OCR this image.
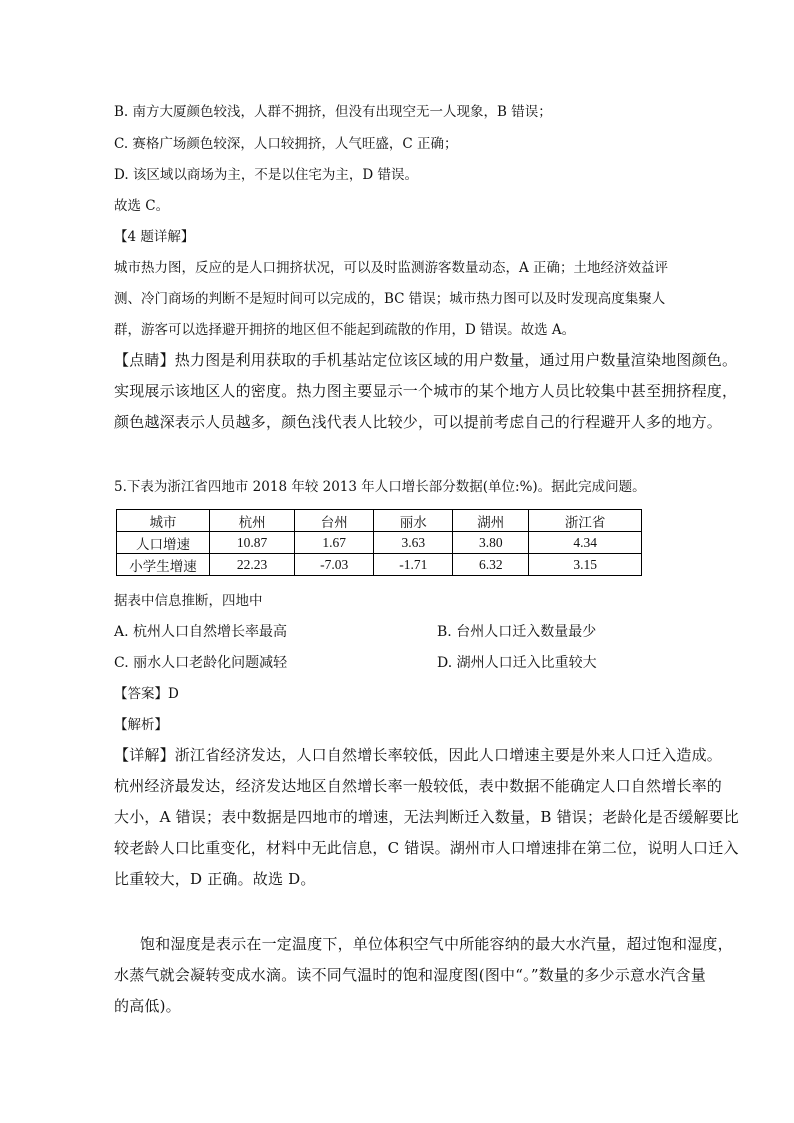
B. 南方大厦颜色较浅，人群不拥挤，但没有出现空无一人现象，B 错误；
C. 赛格广场颜色较深，人口较拥挤，人气旺盛，C 正确；
D. 该区域以商场为主，不是以住宅为主，D 错误。
故选 C。
【4 题详解】
城市热力图，反应的是人口拥挤状况，可以及时监测游客数量动态，A 正确；土地经济效益评
测、冷门商场的判断不是短时间可以完成的，BC 错误；城市热力图可以及时发现高度集聚人
群，游客可以选择避开拥挤的地区但不能起到疏散的作用，D 错误。故选 A。
【点睛】热力图是利用获取的手机基站定位该区域的用户数量，通过用户数量渲染地图颜色。
实现展示该地区人的密度。热力图主要显示一个城市的某个地方人员比较集中甚至拥挤程度，
颜色越深表示人员越多，颜色浅代表人比较少，可以提前考虑自己的行程避开人多的地方。
5.下表为浙江省四地市 2018 年较 2013 年人口增长部分数据(单位:%)。据此完成问题。
城市	杭州	台州	丽水	湖州	浙江省
人口增速	10.87	1.67	3.63	3.80	4.34
小学生增速	22.23	-7.03	-1.71	6.32	3.15
据表中信息推断，四地中
A. 杭州人口自然增长率最高	B. 台州人口迁入数量最少
C. 丽水人口老龄化问题减轻	D. 湖州人口迁入比重较大
【答案】D
【解析】
【详解】浙江省经济发达，人口自然增长率较低，因此人口增速主要是外来人口迁入造成。
杭州经济最发达，经济发达地区自然增长率一般较低，表中数据不能确定人口自然增长率的
大小，A 错误；表中数据是四地市的增速，无法判断迁入数量，B 错误；老龄化是否缓解要比
较老龄人口比重变化，材料中无此信息，C 错误。湖州市人口增速排在第二位，说明人口迁入
比重较大，D 正确。故选 D。
饱和湿度是表示在一定温度下，单位体积空气中所能容纳的最大水汽量，超过饱和湿度，
水蒸气就会凝转变成水滴。读不同气温时的饱和湿度图(图中“。”数量的多少示意水汽含量
的高低)。
